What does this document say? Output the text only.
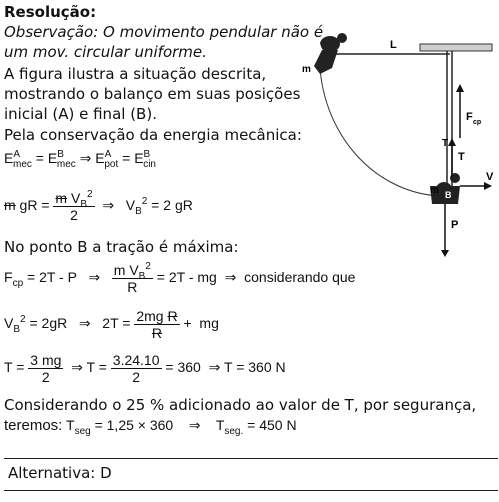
Resolução:
Observação: O movimento pendular não é
um mov. circular uniforme.
A figura ilustra a situação descrita,
mostrando o balanço em suas posições
inicial (A) e final (B).
Pela conservação da energia mecânica:
$E^A_{mec} = E^B_{mec}$ ⇒ $E^A_{pot} = E^B_{cin}$
m gR = $\frac{m V_B^2}{2}$ ⇒   $V_B^2 = 2$ gR
No ponto B a tração é máxima:
$F_{cp} = 2T - P$   ⇒ $\frac{m V_B^2}{R} = 2T$ - mg  ⇒  considerando que
$V_B^2 = 2gR$   ⇒   $2T = \frac{\text{2mg R}}{R}$ +  mg
$T = \frac{3 mg}{2}$ ⇒ $T = \frac{3.24.10}{2} = 360$  ⇒ T = 360 N
Considerando o 25 % adicionado ao valor de T, por segurança,
teremos: $T_{seg} = 1,25 \times 360$    ⇒    $T_{seg.} = 450$ N
Alternativa: D
L
A
m
B
m
F cp
T
T
V
P
